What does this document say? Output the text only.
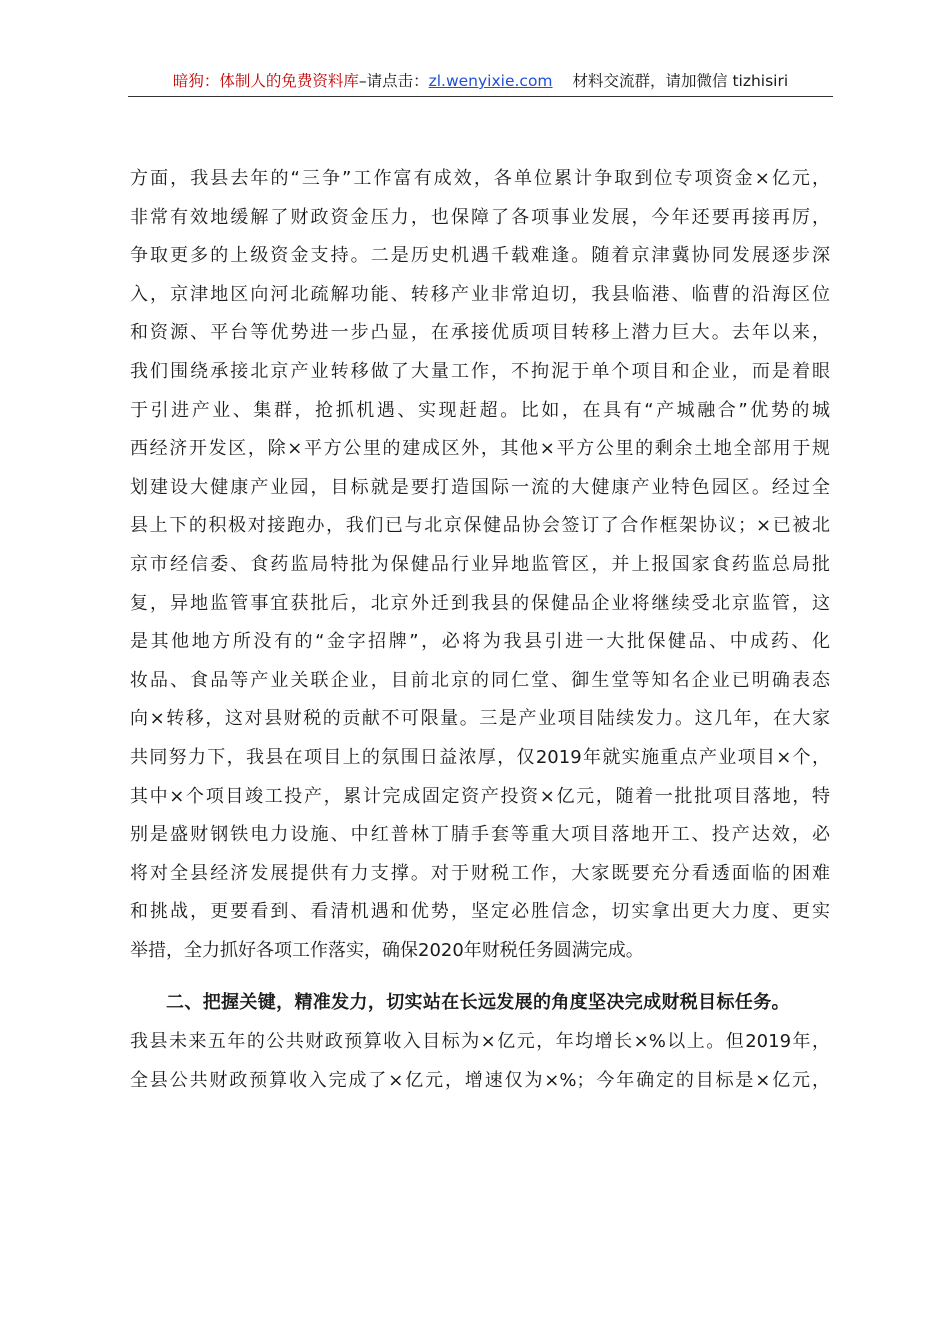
暗狗：体制人的免费资料库–请点击：zl.wenyixie.com 材料交流群，请加微信 tizhisiri
方面，我县去年的“三争”工作富有成效，各单位累计争取到位专项资金×亿元，
非常有效地缓解了财政资金压力，也保障了各项事业发展，今年还要再接再厉，
争取更多的上级资金支持。二是历史机遇千载难逢。随着京津冀协同发展逐步深
入，京津地区向河北疏解功能、转移产业非常迫切，我县临港、临曹的沿海区位
和资源、平台等优势进一步凸显，在承接优质项目转移上潜力巨大。去年以来，
我们围绕承接北京产业转移做了大量工作，不拘泥于单个项目和企业，而是着眼
于引进产业、集群，抢抓机遇、实现赶超。比如，在具有“产城融合”优势的城
西经济开发区，除×平方公里的建成区外，其他×平方公里的剩余土地全部用于规
划建设大健康产业园，目标就是要打造国际一流的大健康产业特色园区。经过全
县上下的积极对接跑办，我们已与北京保健品协会签订了合作框架协议；×已被北
京市经信委、食药监局特批为保健品行业异地监管区，并上报国家食药监总局批
复，异地监管事宜获批后，北京外迁到我县的保健品企业将继续受北京监管，这
是其他地方所没有的“金字招牌”，必将为我县引进一大批保健品、中成药、化
妆品、食品等产业关联企业，目前北京的同仁堂、御生堂等知名企业已明确表态
向×转移，这对县财税的贡献不可限量。三是产业项目陆续发力。这几年，在大家
共同努力下，我县在项目上的氛围日益浓厚，仅2019年就实施重点产业项目×个，
其中×个项目竣工投产，累计完成固定资产投资×亿元，随着一批批项目落地，特
别是盛财钢铁电力设施、中红普林丁腈手套等重大项目落地开工、投产达效，必
将对全县经济发展提供有力支撑。对于财税工作，大家既要充分看透面临的困难
和挑战，更要看到、看清机遇和优势，坚定必胜信念，切实拿出更大力度、更实
举措，全力抓好各项工作落实，确保2020年财税任务圆满完成。
二、把握关键，精准发力，切实站在长远发展的角度坚决完成财税目标任务。
我县未来五年的公共财政预算收入目标为×亿元，年均增长×%以上。但2019年，
全县公共财政预算收入完成了×亿元，增速仅为×%；今年确定的目标是×亿元，
